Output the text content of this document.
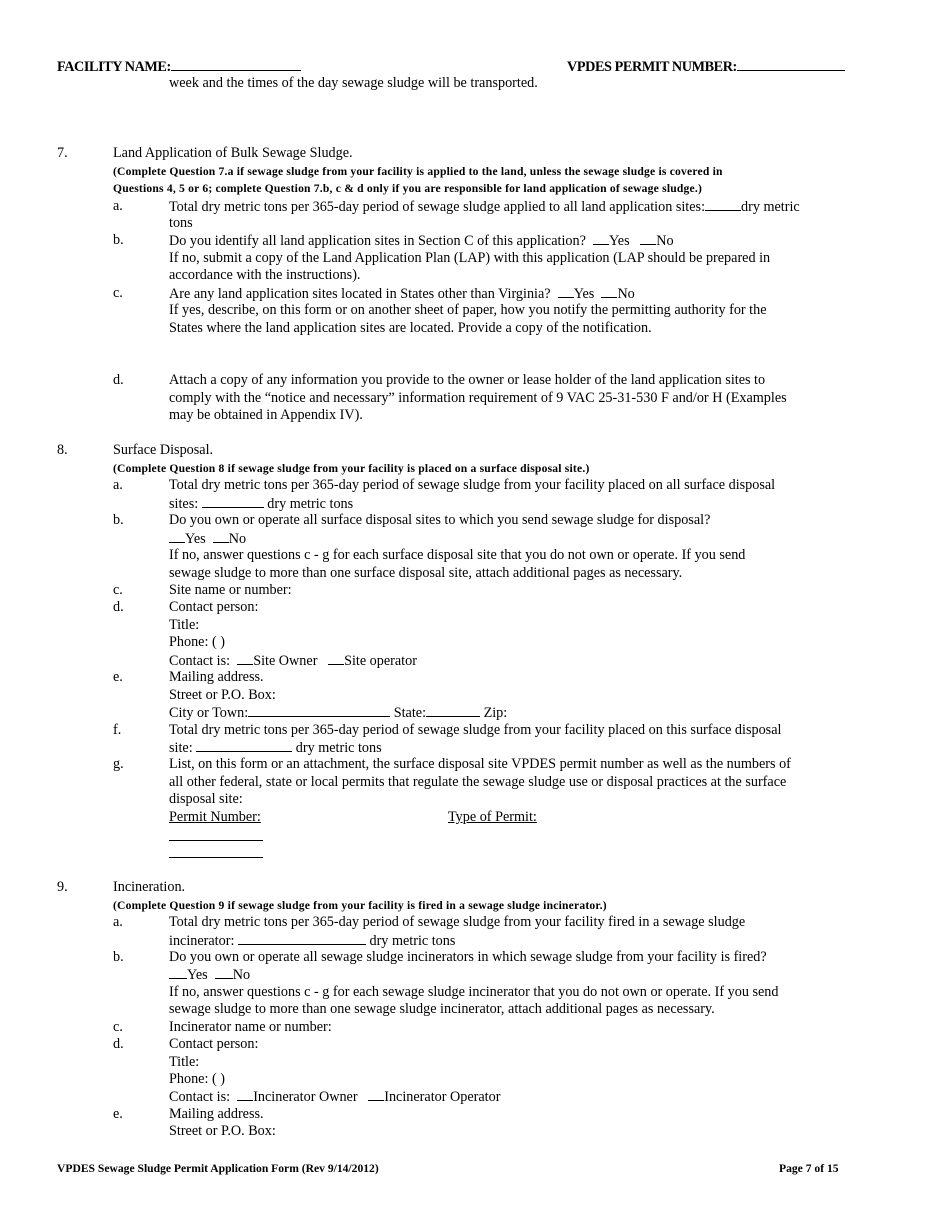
FACILITY NAME:	VPDES PERMIT NUMBER:
week and the times of the day sewage sludge will be transported.
7.	Land Application of Bulk Sewage Sludge.
(Complete Question 7.a if sewage sludge from your facility is applied to the land, unless the sewage sludge is covered in
Questions 4, 5 or 6; complete Question 7.b, c & d only if you are responsible for land application of sewage sludge.)
a.	Total dry metric tons per 365-day period of sewage sludge applied to all land application sites:	dry metric
tons
b.	Do you identify all land application sites in Section C of this application? Yes No
If no, submit a copy of the Land Application Plan (LAP) with this application (LAP should be prepared in
accordance with the instructions).
c.	Are any land application sites located in States other than Virginia? Yes No
If yes, describe, on this form or on another sheet of paper, how you notify the permitting authority for the
States where the land application sites are located. Provide a copy of the notification.
d.	Attach a copy of any information you provide to the owner or lease holder of the land application sites to
comply with the “notice and necessary” information requirement of 9 VAC 25-31-530 F and/or H (Examples
may be obtained in Appendix IV).
8.	Surface Disposal.
(Complete Question 8 if sewage sludge from your facility is placed on a surface disposal site.)
a.	Total dry metric tons per 365-day period of sewage sludge from your facility placed on all surface disposal
sites:	dry metric tons
b.	Do you own or operate all surface disposal sites to which you send sewage sludge for disposal?
Yes No
If no, answer questions c - g for each surface disposal site that you do not own or operate. If you send
sewage sludge to more than one surface disposal site, attach additional pages as necessary.
c.	Site name or number:
d.	Contact person:
Title:
Phone: ( )
Contact is: Site Owner Site operator
e.	Mailing address.
Street or P.O. Box:
City or Town:	State:	Zip:
f.	Total dry metric tons per 365-day period of sewage sludge from your facility placed on this surface disposal
site:	dry metric tons
g.	List, on this form or an attachment, the surface disposal site VPDES permit number as well as the numbers of
all other federal, state or local permits that regulate the sewage sludge use or disposal practices at the surface
disposal site:
Permit Number:	Type of Permit:
9.	Incineration.
(Complete Question 9 if sewage sludge from your facility is fired in a sewage sludge incinerator.)
a.	Total dry metric tons per 365-day period of sewage sludge from your facility fired in a sewage sludge
incinerator:	dry metric tons
b.	Do you own or operate all sewage sludge incinerators in which sewage sludge from your facility is fired?
Yes No
If no, answer questions c - g for each sewage sludge incinerator that you do not own or operate. If you send
sewage sludge to more than one sewage sludge incinerator, attach additional pages as necessary.
c.	Incinerator name or number:
d.	Contact person:
Title:
Phone: ( )
Contact is: Incinerator Owner Incinerator Operator
e.	Mailing address.
Street or P.O. Box:
VPDES Sewage Sludge Permit Application Form (Rev 9/14/2012)	Page 7 of 15
